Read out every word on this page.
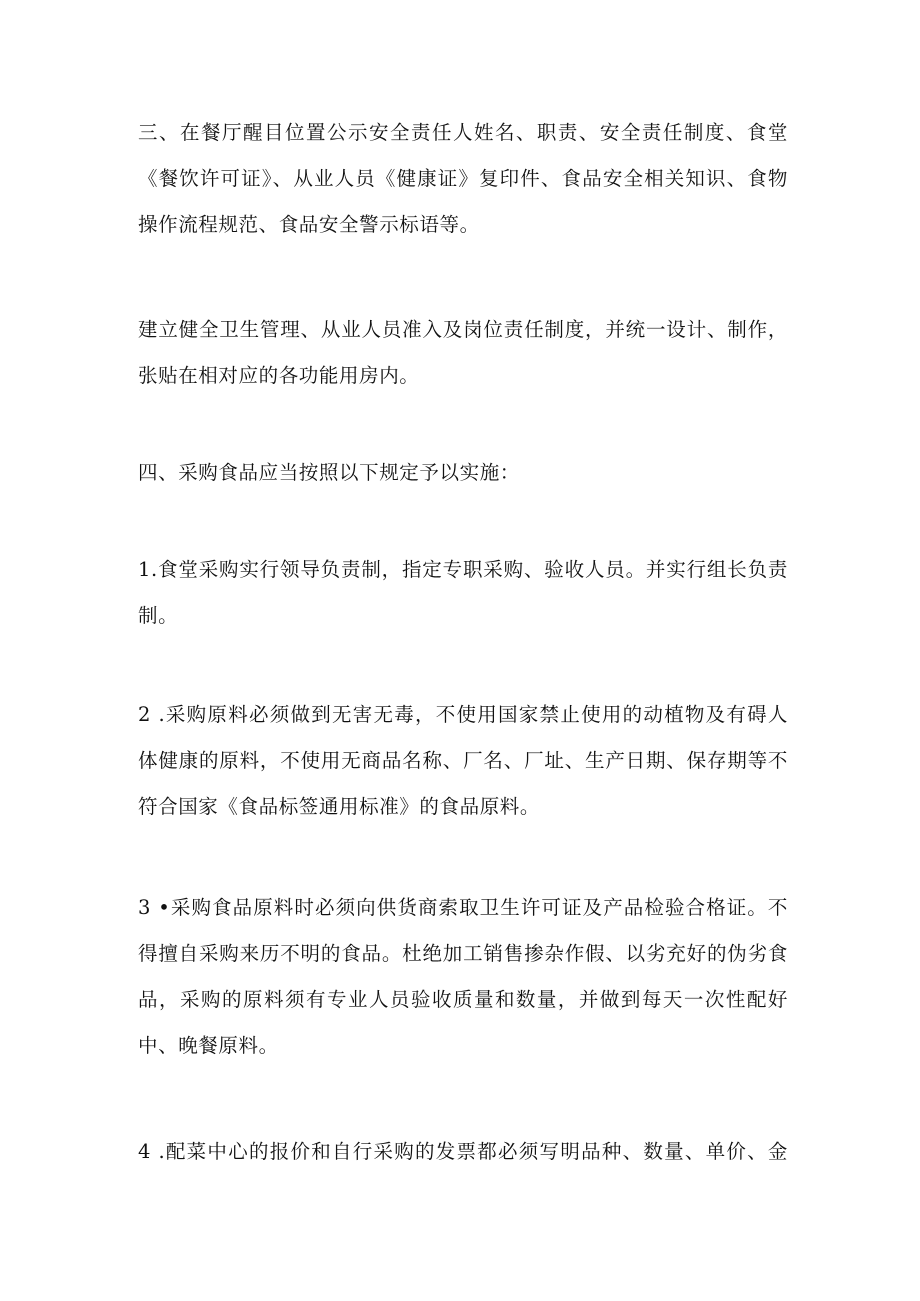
三、在餐厅醒目位置公示安全责任人姓名、职责、安全责任制度、食堂
《餐饮许可证》、从业人员《健康证》复印件、食品安全相关知识、食物
操作流程规范、食品安全警示标语等。
建立健全卫生管理、从业人员准入及岗位责任制度，并统一设计、制作，
张贴在相对应的各功能用房内。
四、采购食品应当按照以下规定予以实施：
1.食堂采购实行领导负责制，指定专职采购、验收人员。并实行组长负责
制。
2 .采购原料必须做到无害无毒，不使用国家禁止使用的动植物及有碍人
体健康的原料，不使用无商品名称、厂名、厂址、生产日期、保存期等不
符合国家《食品标签通用标准》的食品原料。
3 •采购食品原料时必须向供货商索取卫生许可证及产品检验合格证。不
得擅自采购来历不明的食品。杜绝加工销售掺杂作假、以劣充好的伪劣食
品，采购的原料须有专业人员验收质量和数量，并做到每天一次性配好
中、晚餐原料。
4 .配菜中心的报价和自行采购的发票都必须写明品种、数量、单价、金
